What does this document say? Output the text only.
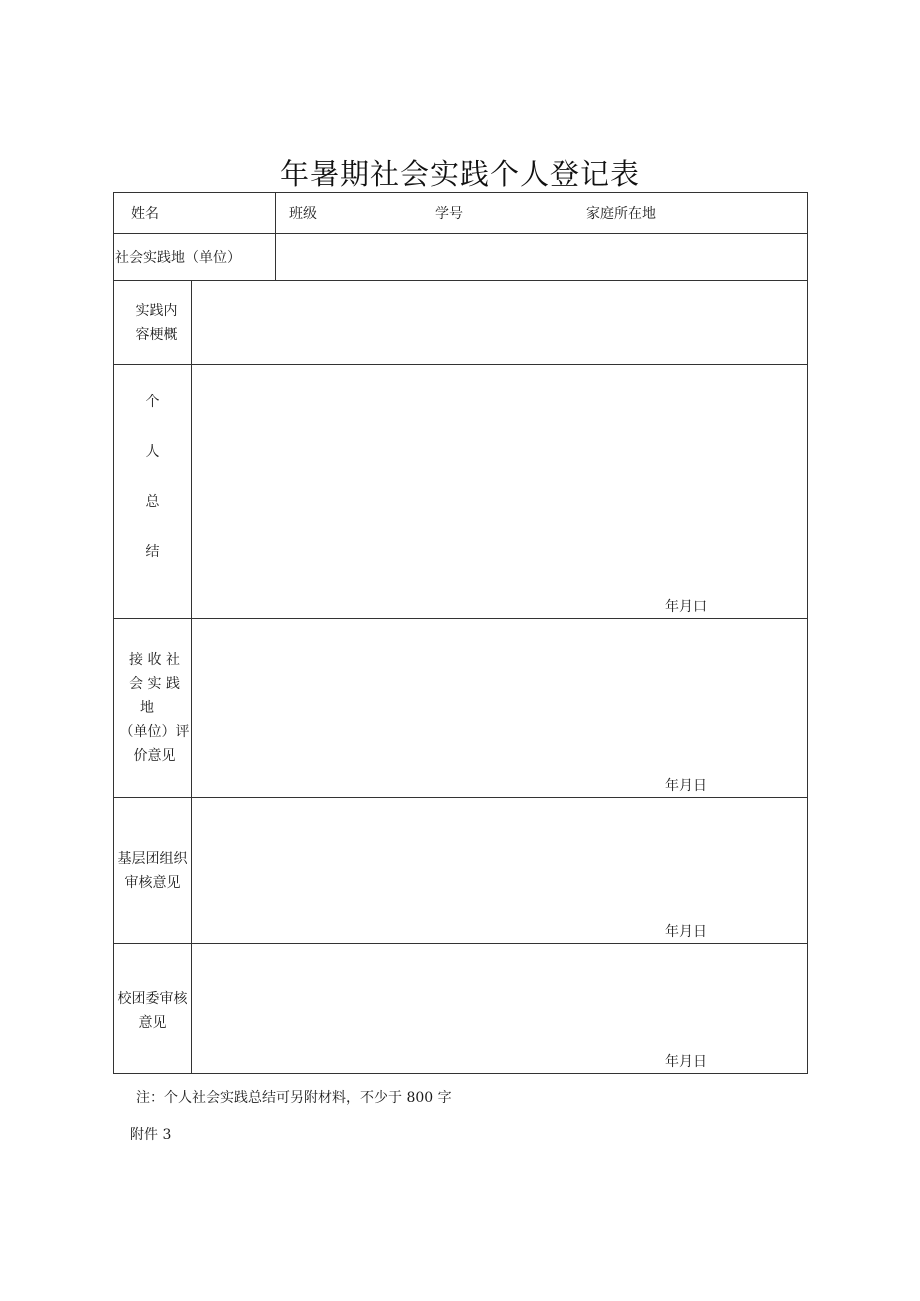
年暑期社会实践个人登记表
姓名		班级 学号 家庭所在地

社会实践地（单位）		

实践内
容梗概		

个
人
总
结	年月口	

接 收 社
会 实 践
地
（单位）评
价意见	年月日	

基层团组织
审核意见	年月日	

校团委审核
意见	年月日	
注：个人社会实践总结可另附材料，不少于 800 字
附件 3
